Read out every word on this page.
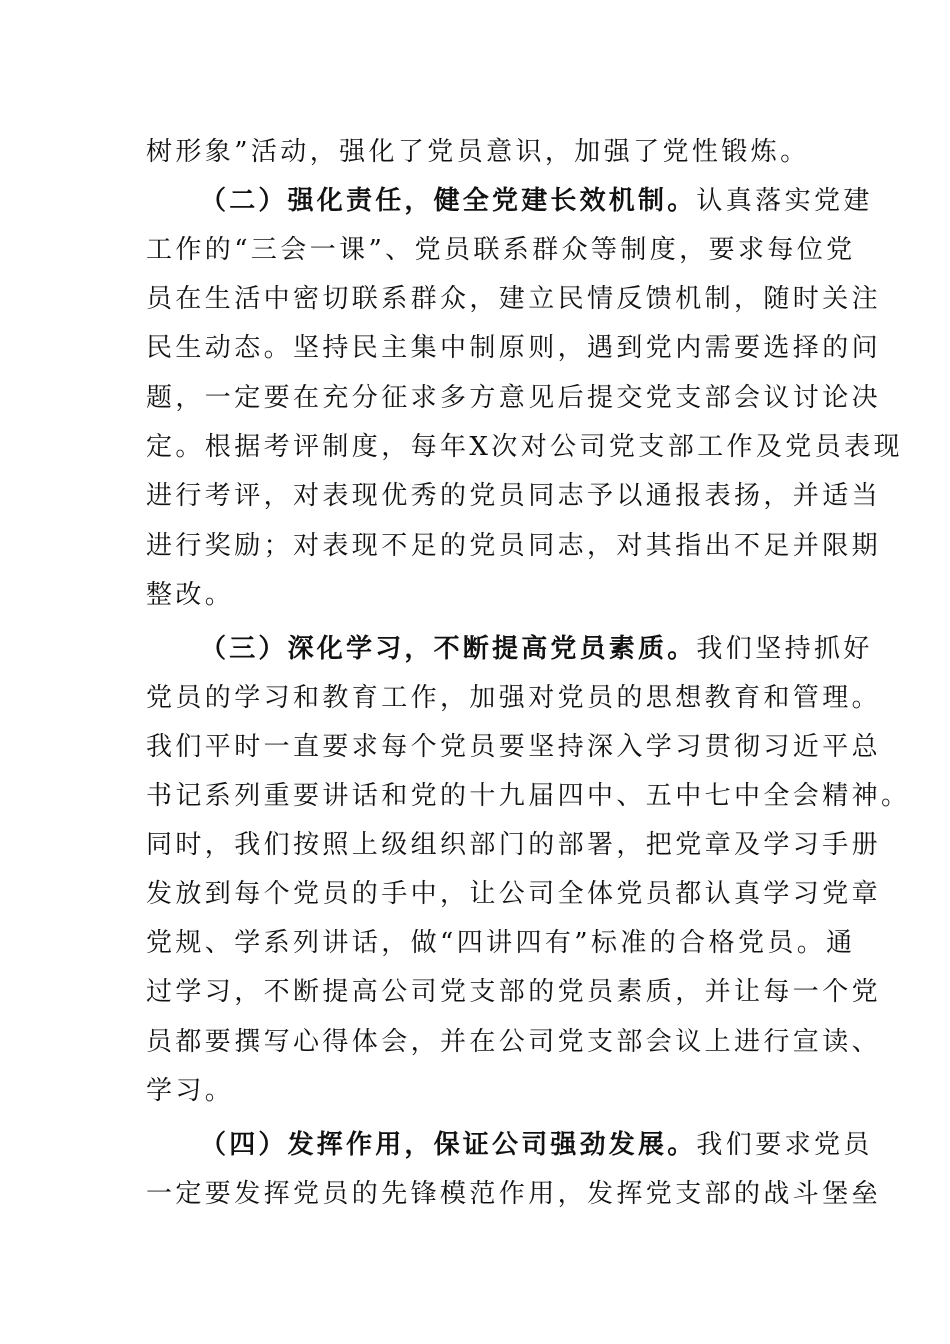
树形象”活动，强化了党员意识，加强了党性锻炼。
（二）强化责任，健全党建长效机制。认真落实党建
工作的“三会一课”、党员联系群众等制度，要求每位党
员在生活中密切联系群众，建立民情反馈机制，随时关注
民生动态。坚持民主集中制原则，遇到党内需要选择的问
题，一定要在充分征求多方意见后提交党支部会议讨论决
定。根据考评制度，每年X次对公司党支部工作及党员表现
进行考评，对表现优秀的党员同志予以通报表扬，并适当
进行奖励；对表现不足的党员同志，对其指出不足并限期
整改。
（三）深化学习，不断提高党员素质。我们坚持抓好
党员的学习和教育工作，加强对党员的思想教育和管理。
我们平时一直要求每个党员要坚持深入学习贯彻习近平总
书记系列重要讲话和党的十九届四中、五中七中全会精神。
同时，我们按照上级组织部门的部署，把党章及学习手册
发放到每个党员的手中，让公司全体党员都认真学习党章
党规、学系列讲话，做“四讲四有”标准的合格党员。通
过学习，不断提高公司党支部的党员素质，并让每一个党
员都要撰写心得体会，并在公司党支部会议上进行宣读、
学习。
（四）发挥作用，保证公司强劲发展。我们要求党员
一定要发挥党员的先锋模范作用，发挥党支部的战斗堡垒
